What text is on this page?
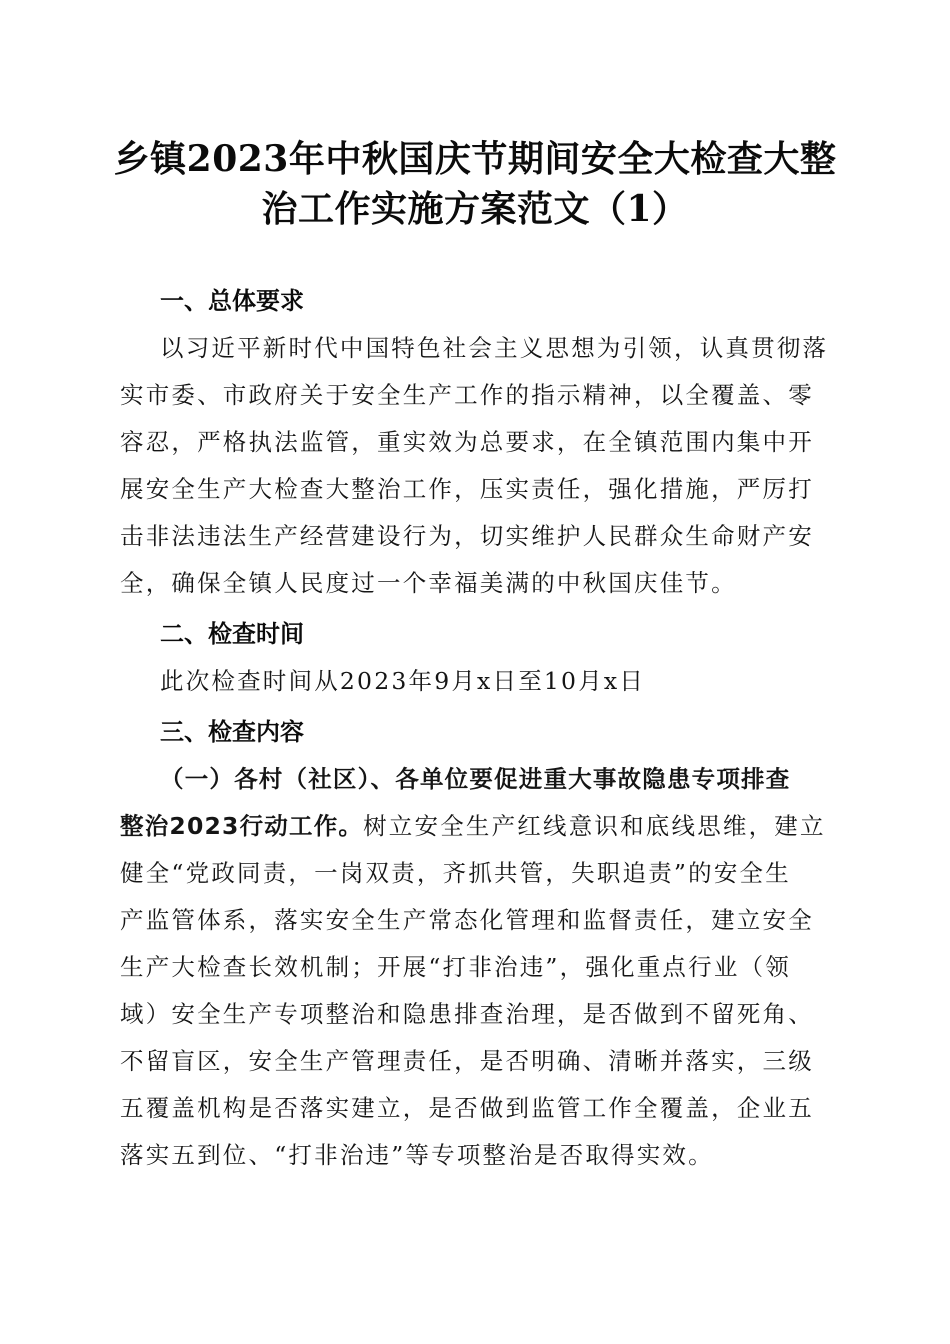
乡镇2023年中秋国庆节期间安全大检查大整
治工作实施方案范文（1）
一、总体要求
以习近平新时代中国特色社会主义思想为引领，认真贯彻落
实市委、市政府关于安全生产工作的指示精神，以全覆盖、零
容忍，严格执法监管，重实效为总要求，在全镇范围内集中开
展安全生产大检查大整治工作，压实责任，强化措施，严厉打
击非法违法生产经营建设行为，切实维护人民群众生命财产安
全，确保全镇人民度过一个幸福美满的中秋国庆佳节。
二、检查时间
此次检查时间从2023年9月x日至10月x日
三、检查内容
（一）各村（社区）、各单位要促进重大事故隐患专项排查
整治2023行动工作。树立安全生产红线意识和底线思维，建立
健全“党政同责，一岗双责，齐抓共管，失职追责”的安全生
产监管体系，落实安全生产常态化管理和监督责任，建立安全
生产大检查长效机制；开展“打非治违”，强化重点行业（领
域）安全生产专项整治和隐患排查治理，是否做到不留死角、
不留盲区，安全生产管理责任，是否明确、清晰并落实，三级
五覆盖机构是否落实建立，是否做到监管工作全覆盖，企业五
落实五到位、“打非治违”等专项整治是否取得实效。
